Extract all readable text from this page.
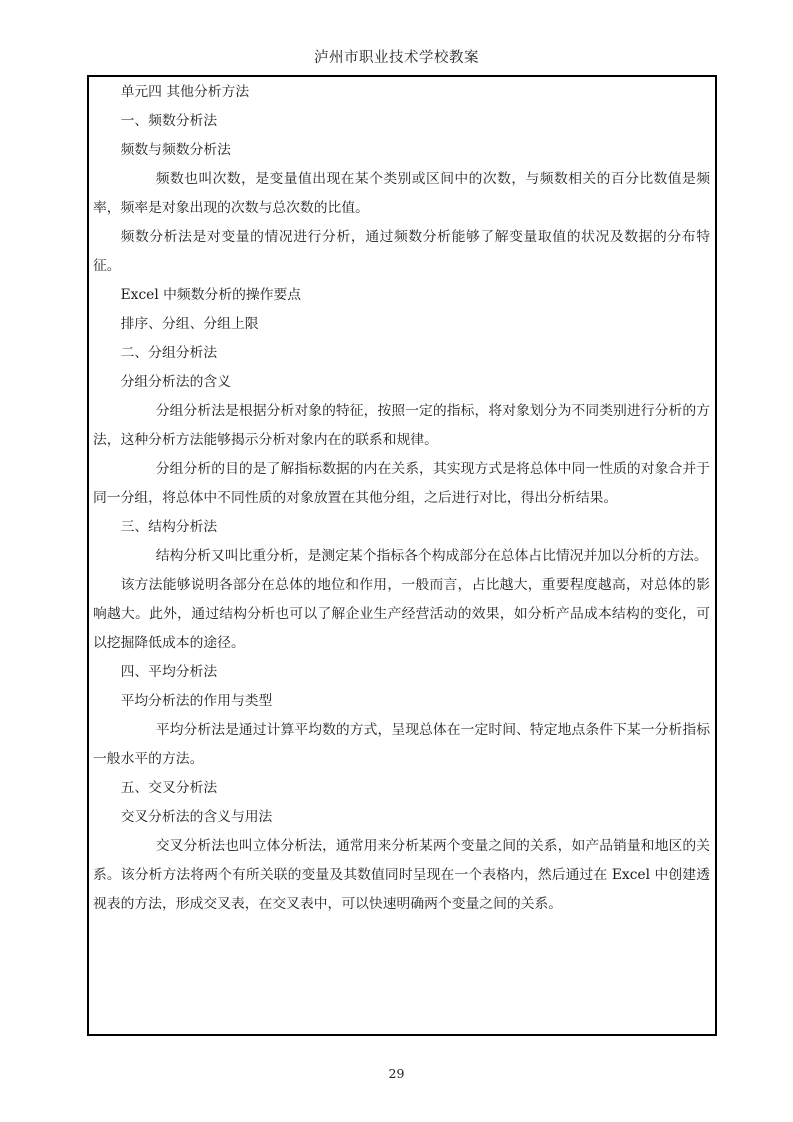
泸州市职业技术学校教案

单元四 其他分析方法

一、频数分析法

频数与频数分析法

频数也叫次数，是变量值出现在某个类别或区间中的次数，与频数相关的百分比数值是频率，频率是对象出现的次数与总次数的比值。

频数分析法是对变量的情况进行分析，通过频数分析能够了解变量取值的状况及数据的分布特征。

Excel 中频数分析的操作要点

排序、分组、分组上限

二、分组分析法

分组分析法的含义

分组分析法是根据分析对象的特征，按照一定的指标，将对象划分为不同类别进行分析的方法，这种分析方法能够揭示分析对象内在的联系和规律。

分组分析的目的是了解指标数据的内在关系，其实现方式是将总体中同一性质的对象合并于同一分组，将总体中不同性质的对象放置在其他分组，之后进行对比，得出分析结果。

三、结构分析法

结构分析又叫比重分析，是测定某个指标各个构成部分在总体占比情况并加以分析的方法。

该方法能够说明各部分在总体的地位和作用，一般而言，占比越大，重要程度越高，对总体的影响越大。此外，通过结构分析也可以了解企业生产经营活动的效果，如分析产品成本结构的变化，可以挖掘降低成本的途径。

四、平均分析法

平均分析法的作用与类型

平均分析法是通过计算平均数的方式，呈现总体在一定时间、特定地点条件下某一分析指标一般水平的方法。

五、交叉分析法

交叉分析法的含义与用法

交叉分析法也叫立体分析法，通常用来分析某两个变量之间的关系，如产品销量和地区的关系。该分析方法将两个有所关联的变量及其数值同时呈现在一个表格内，然后通过在 Excel 中创建透视表的方法，形成交叉表，在交叉表中，可以快速明确两个变量之间的关系。

29
